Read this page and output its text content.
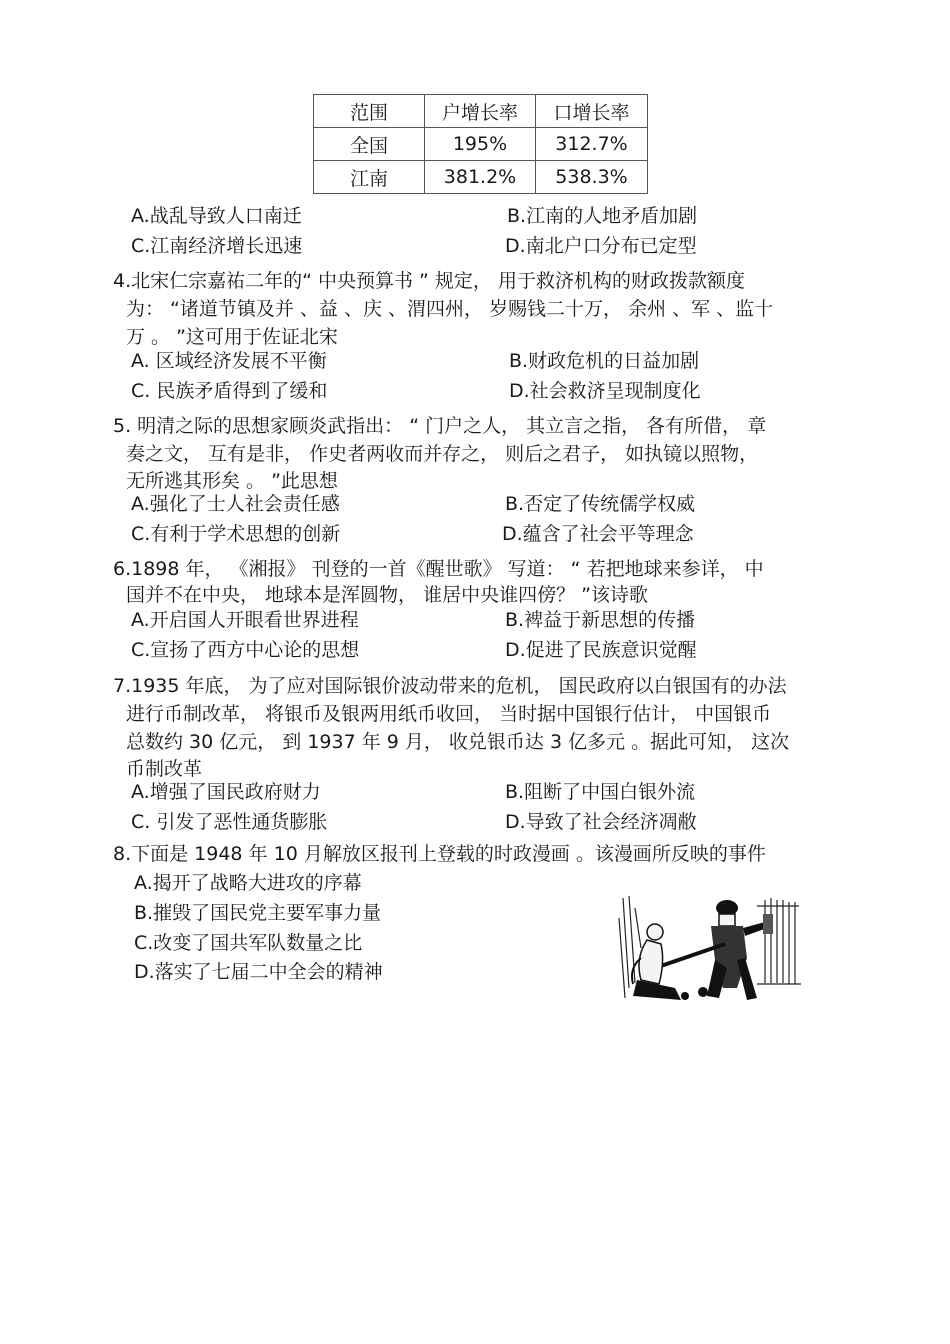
范围	户增长率	口增长率
全国	195%	312.7%
江南	381.2%	538.3%
A.战乱导致人口南迁	B.江南的人地矛盾加剧
C.江南经济增长迅速	D.南北户口分布已定型
4.北宋仁宗嘉祐二年的“ 中央预算书 ” 规定， 用于救济机构的财政拨款额度
为： “诸道节镇及并 、益 、庆 、渭四州， 岁赐钱二十万， 余州 、军 、监十
万 。 ”这可用于佐证北宋
A. 区域经济发展不平衡	B.财政危机的日益加剧
C. 民族矛盾得到了缓和	D.社会救济呈现制度化
5. 明清之际的思想家顾炎武指出： “ 门户之人， 其立言之指， 各有所借， 章
奏之文， 互有是非， 作史者两收而并存之， 则后之君子， 如执镜以照物，
无所逃其形矣 。 ”此思想
A.强化了士人社会责任感	B.否定了传统儒学权威
C.有利于学术思想的创新	D.蕴含了社会平等理念
6.1898 年， 《湘报》 刊登的一首《醒世歌》 写道： “ 若把地球来参详， 中
国并不在中央， 地球本是浑圆物， 谁居中央谁四傍？ ”该诗歌
A.开启国人开眼看世界进程	B.裨益于新思想的传播
C.宣扬了西方中心论的思想	D.促进了民族意识觉醒
7.1935 年底， 为了应对国际银价波动带来的危机， 国民政府以白银国有的办法
进行币制改革， 将银币及银两用纸币收回， 当时据中国银行估计， 中国银币
总数约 30 亿元， 到 1937 年 9 月， 收兑银币达 3 亿多元 。据此可知， 这次
币制改革
A.增强了国民政府财力	B.阻断了中国白银外流
C. 引发了恶性通货膨胀	D.导致了社会经济凋敝
8.下面是 1948 年 10 月解放区报刊上登载的时政漫画 。该漫画所反映的事件
A.揭开了战略大进攻的序幕
B.摧毁了国民党主要军事力量
C.改变了国共军队数量之比
D.落实了七届二中全会的精神
